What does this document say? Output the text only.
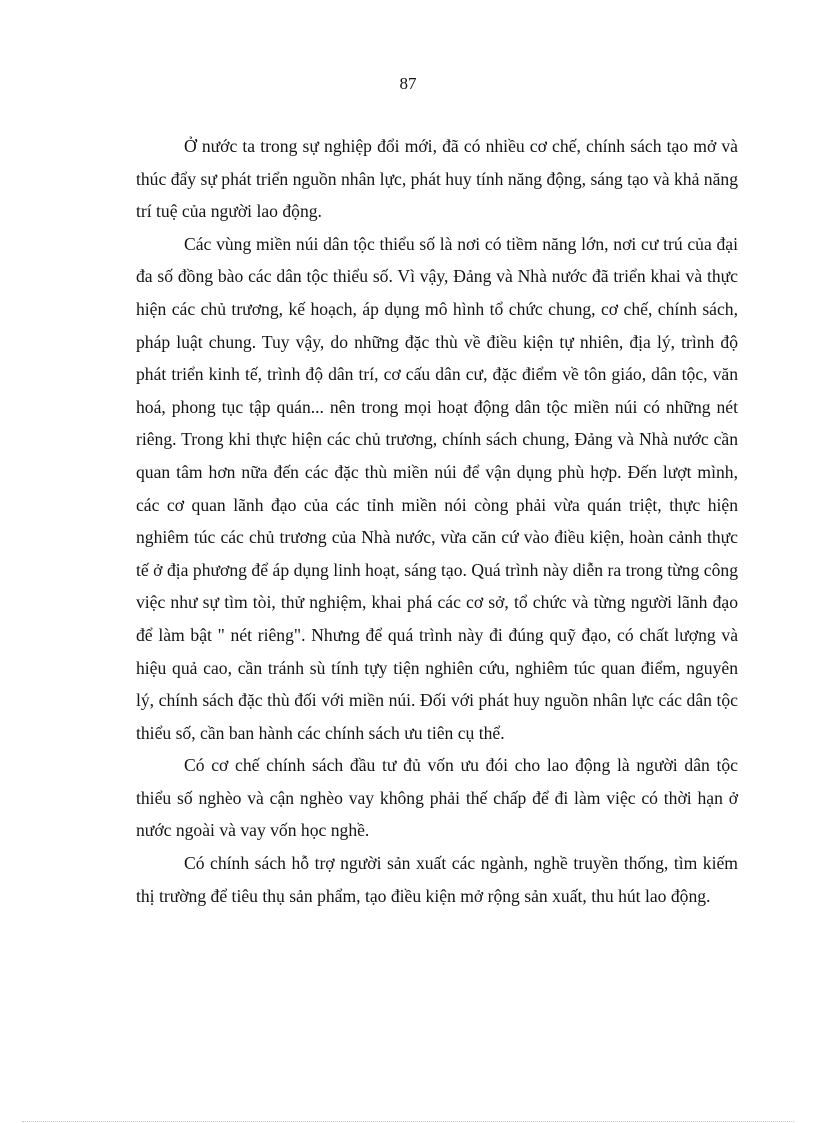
87

Ở nước ta trong sự nghiệp đổi mới, đã có nhiều cơ chế, chính sách tạo mở và thúc đẩy sự phát triển nguồn nhân lực, phát huy tính năng động, sáng tạo và khả năng trí tuệ của người lao động.

Các vùng miền núi dân tộc thiểu số là nơi có tiềm năng lớn, nơi cư trú của đại đa số đồng bào các dân tộc thiểu số. Vì vậy, Đảng và Nhà nước đã triển khai và thực hiện các chủ trương, kế hoạch, áp dụng mô hình tổ chức chung, cơ chế, chính sách, pháp luật chung. Tuy vậy, do những đặc thù về điều kiện tự nhiên, địa lý, trình độ phát triển kinh tế, trình độ dân trí, cơ cấu dân cư, đặc điểm về tôn giáo, dân tộc, văn hoá, phong tục tập quán... nên trong mọi hoạt động dân tộc miền núi có những nét riêng. Trong khi thực hiện các chủ trương, chính sách chung, Đảng và Nhà nước cần quan tâm hơn nữa đến các đặc thù miền núi để vận dụng phù hợp. Đến lượt mình, các cơ quan lãnh đạo của các tỉnh miền nói còng phải vừa quán triệt, thực hiện nghiêm túc các chủ trương của Nhà nước, vừa căn cứ vào điều kiện, hoàn cảnh thực tế ở địa phương để áp dụng linh hoạt, sáng tạo. Quá trình này diễn ra trong từng công việc như sự tìm tòi, thử nghiệm, khai phá các cơ sở, tổ chức và từng người lãnh đạo để làm bật " nét riêng". Nhưng để quá trình này đi đúng quỹ đạo, có chất lượng và hiệu quả cao, cần tránh sù tính tựy tiện nghiên cứu, nghiêm túc quan điểm, nguyên lý, chính sách đặc thù đối với miền núi. Đối với phát huy nguồn nhân lực các dân tộc thiểu số, cần ban hành các chính sách ưu tiên cụ thể.

Có cơ chế chính sách đầu tư đủ vốn ưu đói cho lao động là người dân tộc thiểu số nghèo và cận nghèo vay không phải thế chấp để đi làm việc có thời hạn ở nước ngoài và vay vốn học nghề.

Có chính sách hỗ trợ người sản xuất các ngành, nghề truyền thống, tìm kiếm thị trường để tiêu thụ sản phẩm, tạo điều kiện mở rộng sản xuất, thu hút lao động.
